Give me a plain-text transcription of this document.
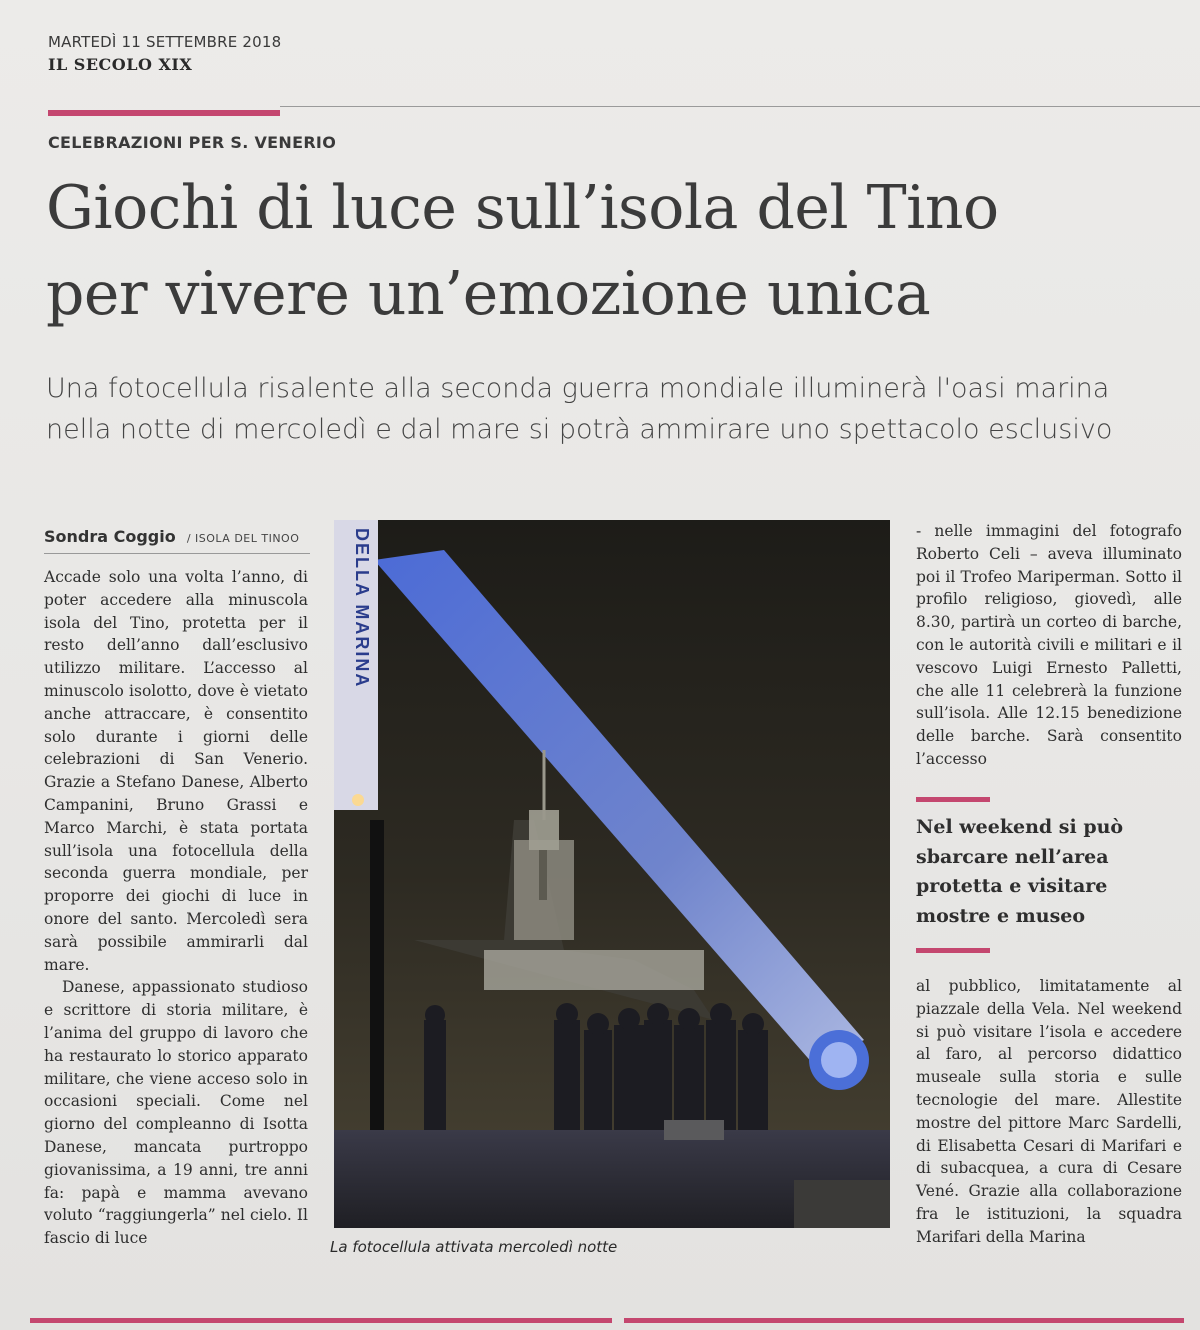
MARTEDÌ 11 SETTEMBRE 2018
IL SECOLO XIX
CELEBRAZIONI PER S. VENERIO
Giochi di luce sull’isola del Tino
per vivere un’emozione unica
Una fotocellula risalente alla seconda guerra mondiale illuminerà l'oasi marina
nella notte di mercoledì e dal mare si potrà ammirare uno spettacolo esclusivo
Sondra Coggio / ISOLA DEL TINOO

Accade solo una volta l’anno, di poter accedere alla minuscola isola del Tino, protetta per il resto dell’anno dall’esclusivo utilizzo militare. L’accesso al minuscolo isolotto, dove è vietato anche attraccare, è consentito solo durante i giorni delle celebrazioni di San Venerio. Grazie a Stefano Danese, Alberto Campanini, Bruno Grassi e Marco Marchi, è stata portata sull’isola una fotocellula della seconda guerra mondiale, per proporre dei giochi di luce in onore del santo. Mercoledì sera sarà possibile ammirarli dal mare.

Danese, appassionato studioso e scrittore di storia militare, è l’anima del gruppo di lavoro che ha restaurato lo storico apparato militare, che viene acceso solo in occasioni speciali. Come nel giorno del compleanno di Isotta Danese, mancata purtroppo giovanissima, a 19 anni, tre anni fa: papà e mamma avevano voluto “raggiungerla” nel cielo. Il fascio di luce

DELLA MARINA
La fotocellula attivata mercoledì notte

- nelle immagini del fotografo Roberto Celi – aveva illuminato poi il Trofeo Mariperman. Sotto il profilo religioso, giovedì, alle 8.30, partirà un corteo di barche, con le autorità civili e militari e il vescovo Luigi Ernesto Palletti, che alle 11 celebrerà la funzione sull’isola. Alle 12.15 benedizione delle barche. Sarà consentito l’accesso

Nel weekend si può sbarcare nell’area protetta e visitare mostre e museo

al pubblico, limitatamente al piazzale della Vela. Nel weekend si può visitare l’isola e accedere al faro, al percorso didattico museale sulla storia e sulle tecnologie del mare. Allestite mostre del pittore Marc Sardelli, di Elisabetta Cesari di Marifari e di subacquea, a cura di Cesare Vené. Grazie alla collaborazione fra le istituzioni, la squadra Marifari della Marina
